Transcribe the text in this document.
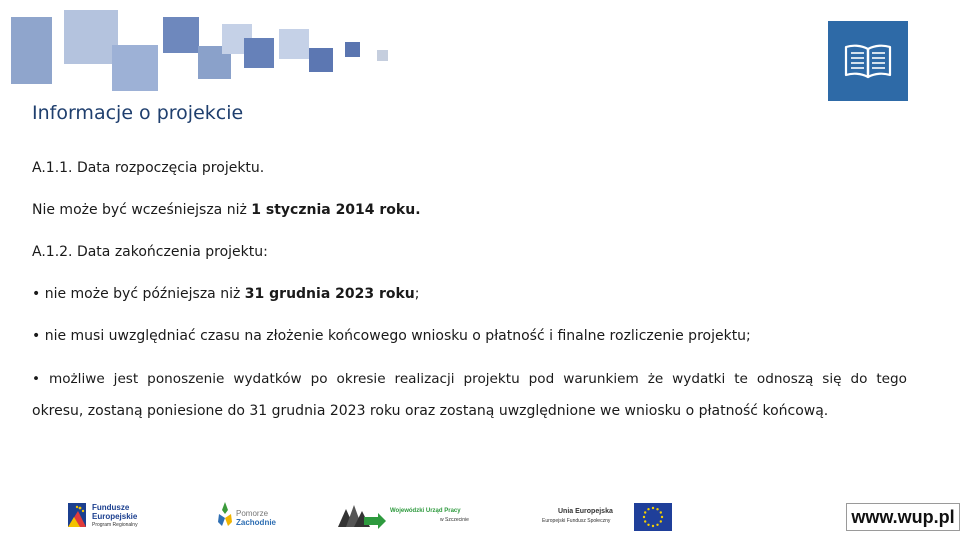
Informacje o projekcie
A.1.1. Data rozpoczęcia projektu.
Nie może być wcześniejsza niż 1 stycznia 2014 roku.
A.1.2. Data zakończenia projektu:
• nie może być późniejsza niż 31 grudnia 2023 roku;
• nie musi uwzględniać czasu na złożenie końcowego wniosku o płatność i finalne rozliczenie projektu;
• możliwe jest ponoszenie wydatków po okresie realizacji projektu pod warunkiem że wydatki te odnoszą się do tego
okresu, zostaną poniesione do 31 grudnia 2023 roku oraz zostaną uwzględnione we wniosku o płatność końcową.
Fundusze
Europejskie
Program Regionalny
Pomorze
Zachodnie
Wojewódzki Urząd Pracy
w Szczecinie
Unia Europejska
Europejski Fundusz Społeczny	www.wup.pl
